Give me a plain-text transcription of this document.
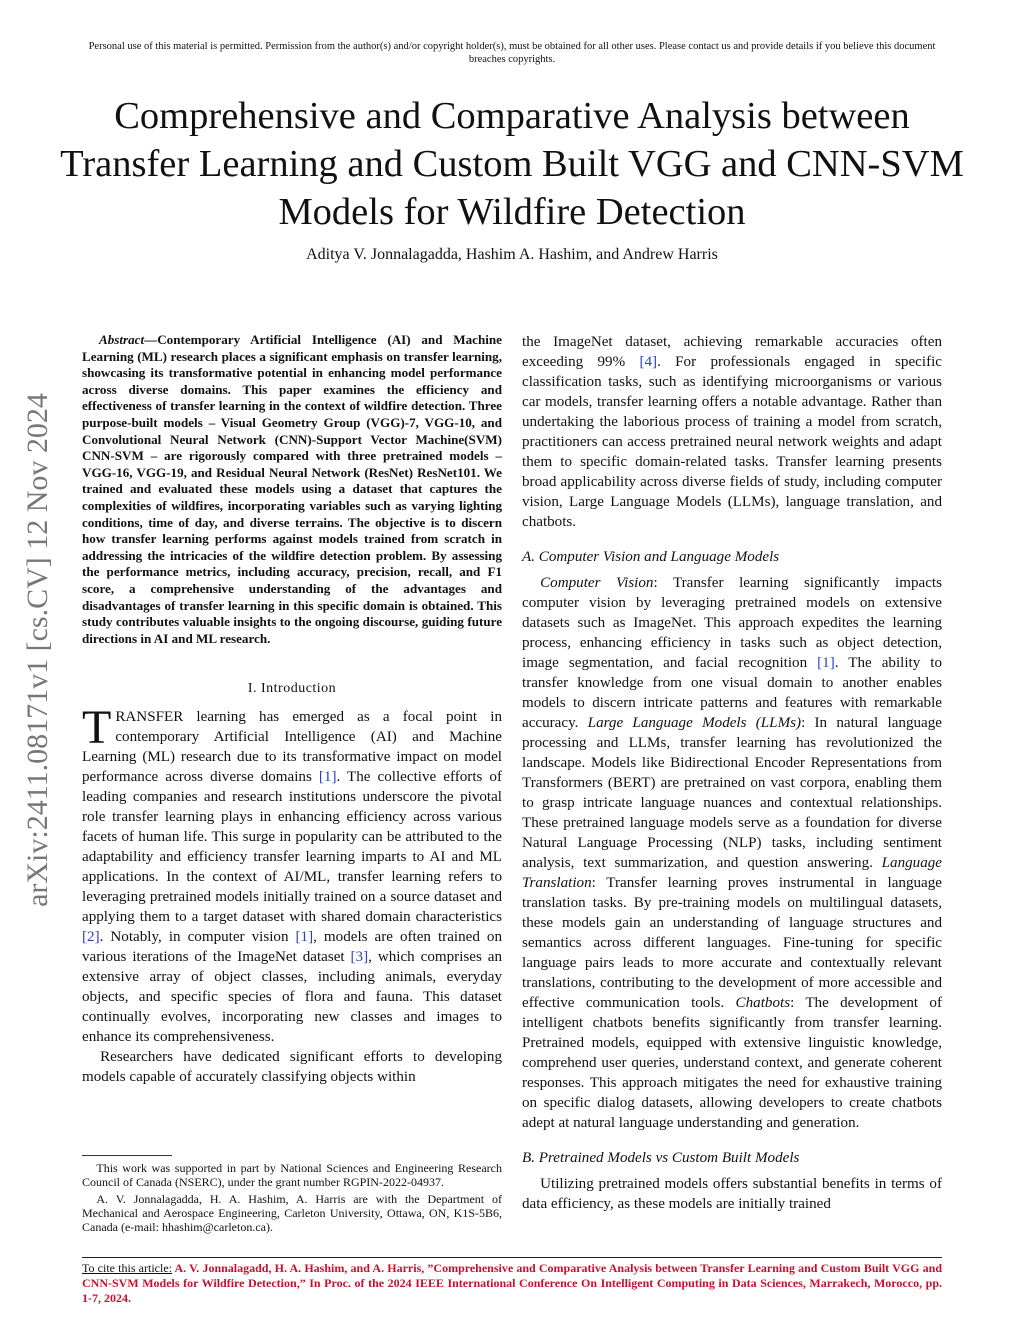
Personal use of this material is permitted. Permission from the author(s) and/or copyright holder(s), must be obtained for all other uses. Please contact us and provide details if you believe this document breaches copyrights.
Comprehensive and Comparative Analysis between Transfer Learning and Custom Built VGG and CNN-SVM Models for Wildfire Detection
Aditya V. Jonnalagadda, Hashim A. Hashim, and Andrew Harris
arXiv:2411.08171v1 [cs.CV] 12 Nov 2024

Abstract—Contemporary Artificial Intelligence (AI) and Machine Learning (ML) research places a significant emphasis on transfer learning, showcasing its transformative potential in enhancing model performance across diverse domains. This paper examines the efficiency and effectiveness of transfer learning in the context of wildfire detection. Three purpose-built models – Visual Geometry Group (VGG)-7, VGG-10, and Convolutional Neural Network (CNN)-Support Vector Machine(SVM) CNN-SVM – are rigorously compared with three pretrained models – VGG-16, VGG-19, and Residual Neural Network (ResNet) ResNet101. We trained and evaluated these models using a dataset that captures the complexities of wildfires, incorporating variables such as varying lighting conditions, time of day, and diverse terrains. The objective is to discern how transfer learning performs against models trained from scratch in addressing the intricacies of the wildfire detection problem. By assessing the performance metrics, including accuracy, precision, recall, and F1 score, a comprehensive understanding of the advantages and disadvantages of transfer learning in this specific domain is obtained. This study contributes valuable insights to the ongoing discourse, guiding future directions in AI and ML research.

I. Introduction

TRANSFER learning has emerged as a focal point in contemporary Artificial Intelligence (AI) and Machine Learning (ML) research due to its transformative impact on model performance across diverse domains [1]. The collective efforts of leading companies and research institutions underscore the pivotal role transfer learning plays in enhancing efficiency across various facets of human life. This surge in popularity can be attributed to the adaptability and efficiency transfer learning imparts to AI and ML applications. In the context of AI/ML, transfer learning refers to leveraging pretrained models initially trained on a source dataset and applying them to a target dataset with shared domain characteristics [2]. Notably, in computer vision [1], models are often trained on various iterations of the ImageNet dataset [3], which comprises an extensive array of object classes, including animals, everyday objects, and specific species of flora and fauna. This dataset continually evolves, incorporating new classes and images to enhance its comprehensiveness.

Researchers have dedicated significant efforts to developing models capable of accurately classifying objects within

This work was supported in part by National Sciences and Engineering Research Council of Canada (NSERC), under the grant number RGPIN-2022-04937.

A. V. Jonnalagadda, H. A. Hashim, A. Harris are with the Department of Mechanical and Aerospace Engineering, Carleton University, Ottawa, ON, K1S-5B6, Canada (e-mail: hhashim@carleton.ca).

the ImageNet dataset, achieving remarkable accuracies often exceeding 99% [4]. For professionals engaged in specific classification tasks, such as identifying microorganisms or various car models, transfer learning offers a notable advantage. Rather than undertaking the laborious process of training a model from scratch, practitioners can access pretrained neural network weights and adapt them to specific domain-related tasks. Transfer learning presents broad applicability across diverse fields of study, including computer vision, Large Language Models (LLMs), language translation, and chatbots.

A. Computer Vision and Language Models

Computer Vision: Transfer learning significantly impacts computer vision by leveraging pretrained models on extensive datasets such as ImageNet. This approach expedites the learning process, enhancing efficiency in tasks such as object detection, image segmentation, and facial recognition [1]. The ability to transfer knowledge from one visual domain to another enables models to discern intricate patterns and features with remarkable accuracy. Large Language Models (LLMs): In natural language processing and LLMs, transfer learning has revolutionized the landscape. Models like Bidirectional Encoder Representations from Transformers (BERT) are pretrained on vast corpora, enabling them to grasp intricate language nuances and contextual relationships. These pretrained language models serve as a foundation for diverse Natural Language Processing (NLP) tasks, including sentiment analysis, text summarization, and question answering. Language Translation: Transfer learning proves instrumental in language translation tasks. By pre-training models on multilingual datasets, these models gain an understanding of language structures and semantics across different languages. Fine-tuning for specific language pairs leads to more accurate and contextually relevant translations, contributing to the development of more accessible and effective communication tools. Chatbots: The development of intelligent chatbots benefits significantly from transfer learning. Pretrained models, equipped with extensive linguistic knowledge, comprehend user queries, understand context, and generate coherent responses. This approach mitigates the need for exhaustive training on specific dialog datasets, allowing developers to create chatbots adept at natural language understanding and generation.

B. Pretrained Models vs Custom Built Models

Utilizing pretrained models offers substantial benefits in terms of data efficiency, as these models are initially trained

To cite this article: A. V. Jonnalagadd, H. A. Hashim, and A. Harris, ”Comprehensive and Comparative Analysis between Transfer Learning and Custom Built VGG and CNN-SVM Models for Wildfire Detection,” In Proc. of the 2024 IEEE International Conference On Intelligent Computing in Data Sciences, Marrakech, Morocco, pp. 1-7, 2024.
